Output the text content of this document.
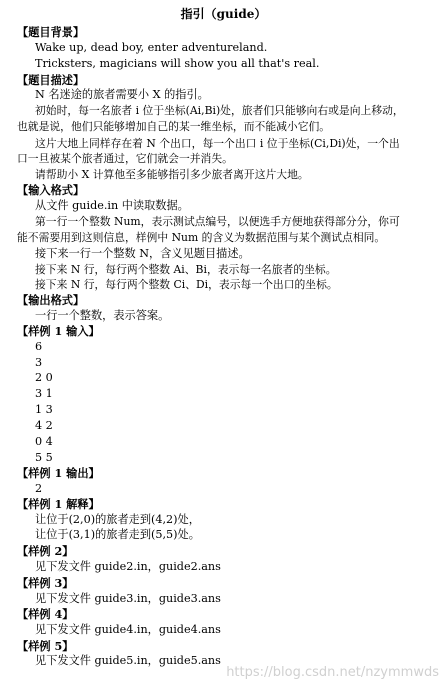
指引（guide）
【题目背景】
Wake up, dead boy, enter adventureland.
Tricksters, magicians will show you all that's real.
【题目描述】
N 名迷途的旅者需要小 X 的指引。
初始时，每一名旅者 i 位于坐标(Ai,Bi)处，旅者们只能够向右或是向上移动，
也就是说，他们只能够增加自己的某一维坐标，而不能减小它们。
这片大地上同样存在着 N 个出口，每一个出口 i 位于坐标(Ci,Di)处，一个出
口一旦被某个旅者通过，它们就会一并消失。
请帮助小 X 计算他至多能够指引多少旅者离开这片大地。
【输入格式】
从文件 guide.in 中读取数据。
第一行一个整数 Num，表示测试点编号，以便选手方便地获得部分分，你可
能不需要用到这则信息，样例中 Num 的含义为数据范围与某个测试点相同。
接下来一行一个整数 N，含义见题目描述。
接下来 N 行，每行两个整数 Ai、Bi，表示每一名旅者的坐标。
接下来 N 行，每行两个整数 Ci、Di，表示每一个出口的坐标。
【输出格式】
一行一个整数，表示答案。
【样例 1 输入】
6
3
2 0
3 1
1 3
4 2
0 4
5 5
【样例 1 输出】
2
【样例 1 解释】
让位于(2,0)的旅者走到(4,2)处，
让位于(3,1)的旅者走到(5,5)处。
【样例 2】
见下发文件 guide2.in，guide2.ans
【样例 3】
见下发文件 guide3.in，guide3.ans
【样例 4】
见下发文件 guide4.in，guide4.ans
【样例 5】
见下发文件 guide5.in，guide5.ans
https://blog.csdn.net/nzymmwds
